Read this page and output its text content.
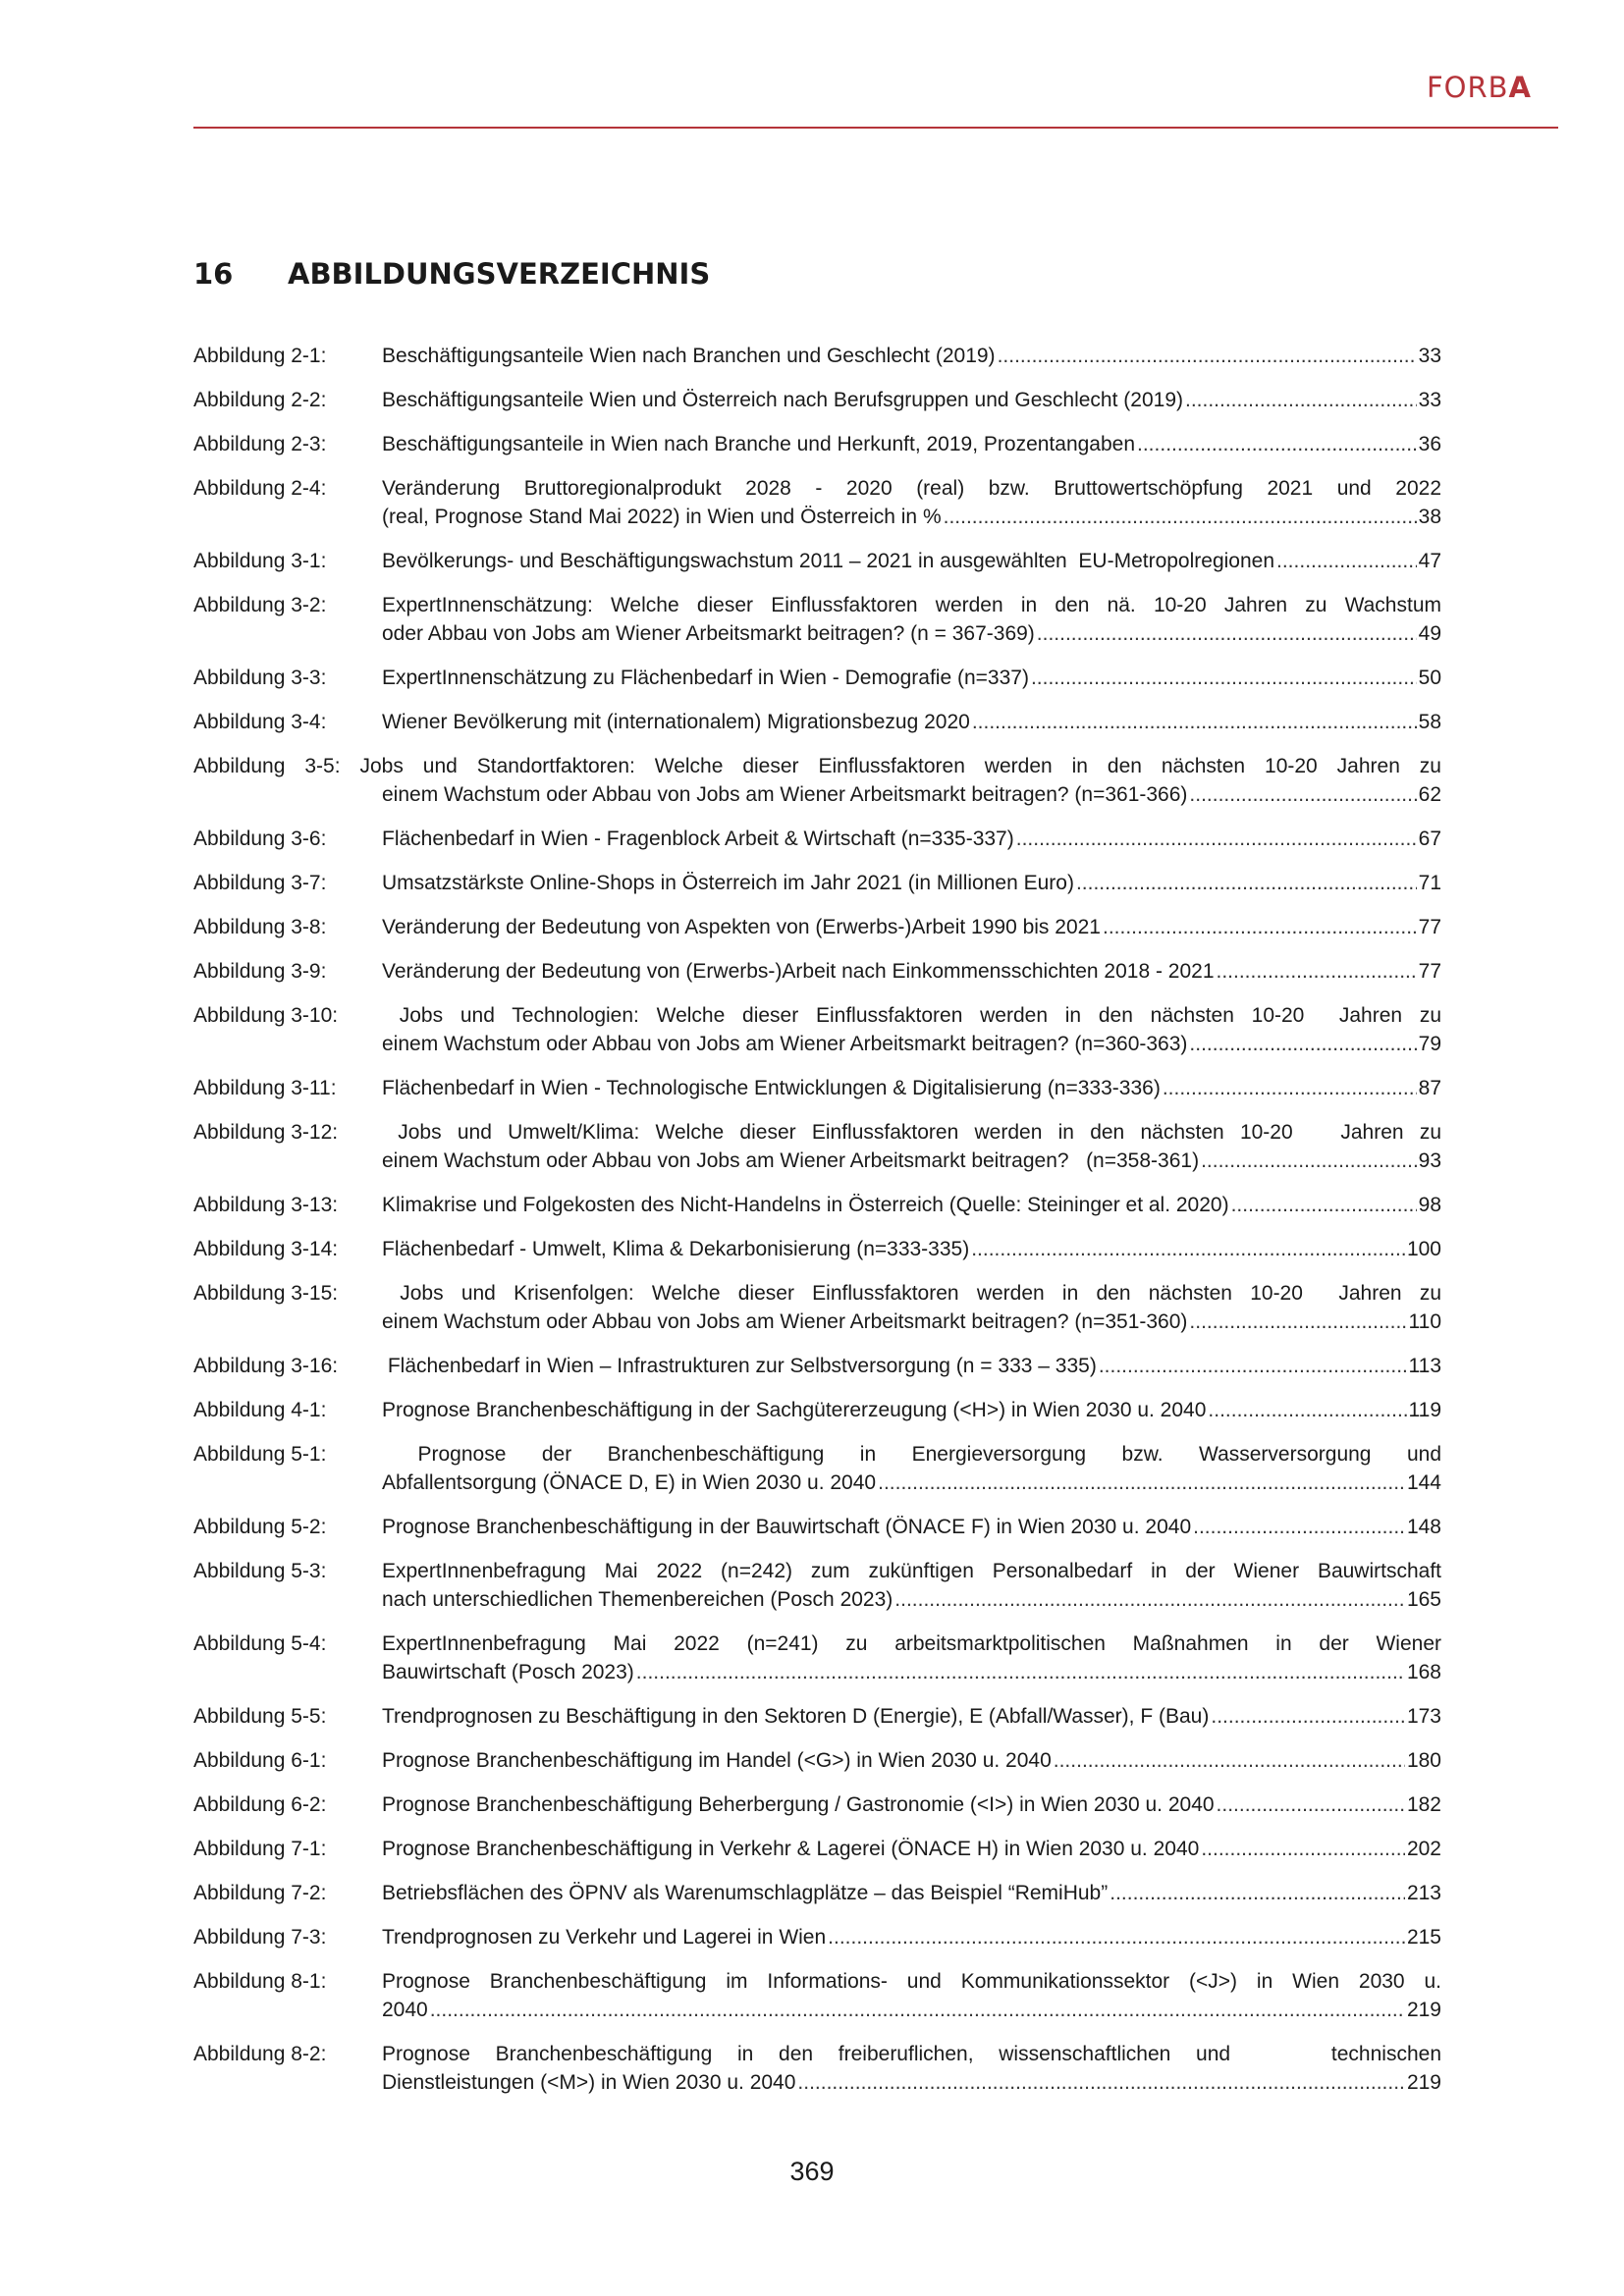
FORBA
16	ABBILDUNGSVERZEICHNIS
Abbildung 2-1:	Beschäftigungsanteile Wien nach Branchen und Geschlecht (2019) .....	33
Abbildung 2-2:	Beschäftigungsanteile Wien und Österreich nach Berufsgruppen und Geschlecht (2019) .....	33
Abbildung 2-3:	Beschäftigungsanteile in Wien nach Branche und Herkunft, 2019, Prozentangaben .....	36
Abbildung 2-4:	Veränderung Bruttoregionalprodukt 2028 - 2020 (real) bzw. Bruttowertschöpfung 2021 und 2022
(real, Prognose Stand Mai 2022) in Wien und Österreich in % .....	38
Abbildung 3-1:	Bevölkerungs- und Beschäftigungswachstum 2011 – 2021 in ausgewählten  EU-Metropolregionen .....	47
Abbildung 3-2:	ExpertInnenschätzung: Welche dieser Einflussfaktoren werden in den nä. 10-20 Jahren zu Wachstum
oder Abbau von Jobs am Wiener Arbeitsmarkt beitragen? (n = 367-369) .....	49
Abbildung 3-3:	ExpertInnenschätzung zu Flächenbedarf in Wien - Demografie (n=337) .....	50
Abbildung 3-4:	Wiener Bevölkerung mit (internationalem) Migrationsbezug 2020 .....	58
Abbildung 3-5: Jobs und Standortfaktoren: Welche dieser Einflussfaktoren werden in den nächsten 10-20 Jahren zu
einem Wachstum oder Abbau von Jobs am Wiener Arbeitsmarkt beitragen? (n=361-366) .....	62
Abbildung 3-6:	Flächenbedarf in Wien - Fragenblock Arbeit & Wirtschaft (n=335-337) .....	67
Abbildung 3-7:	Umsatzstärkste Online-Shops in Österreich im Jahr 2021 (in Millionen Euro) .....	71
Abbildung 3-8:	Veränderung der Bedeutung von Aspekten von (Erwerbs-)Arbeit 1990 bis 2021 .....	77
Abbildung 3-9:	Veränderung der Bedeutung von (Erwerbs-)Arbeit nach Einkommensschichten 2018 - 2021 .....	77
Abbildung 3-10: Jobs und Technologien: Welche dieser Einflussfaktoren werden in den nächsten 10-20  Jahren zu
einem Wachstum oder Abbau von Jobs am Wiener Arbeitsmarkt beitragen? (n=360-363) .....	79
Abbildung 3-11: Flächenbedarf in Wien - Technologische Entwicklungen & Digitalisierung (n=333-336) .....	87
Abbildung 3-12: Jobs und Umwelt/Klima: Welche dieser Einflussfaktoren werden in den nächsten 10-20   Jahren zu
einem Wachstum oder Abbau von Jobs am Wiener Arbeitsmarkt beitragen?   (n=358-361) .....	93
Abbildung 3-13: Klimakrise und Folgekosten des Nicht-Handelns in Österreich (Quelle: Steininger et al. 2020) .....	98
Abbildung 3-14: Flächenbedarf - Umwelt, Klima & Dekarbonisierung (n=333-335) .....	100
Abbildung 3-15: Jobs und Krisenfolgen: Welche dieser Einflussfaktoren werden in den nächsten 10-20  Jahren zu
einem Wachstum oder Abbau von Jobs am Wiener Arbeitsmarkt beitragen? (n=351-360) .....	110
Abbildung 3-16: Flächenbedarf in Wien – Infrastrukturen zur Selbstversorgung (n = 333 – 335) .....	113
Abbildung 4-1:	Prognose Branchenbeschäftigung in der Sachgütererzeugung (<H>) in Wien 2030 u. 2040 .....	119
Abbildung 5-1:	Prognose der Branchenbeschäftigung in Energieversorgung bzw. Wasserversorgung und
Abfallentsorgung (ÖNACE D, E) in Wien 2030 u. 2040 .....	144
Abbildung 5-2:	Prognose Branchenbeschäftigung in der Bauwirtschaft (ÖNACE F) in Wien 2030 u. 2040 .....	148
Abbildung 5-3:	ExpertInnenbefragung Mai 2022 (n=242) zum zukünftigen Personalbedarf in der Wiener Bauwirtschaft
nach unterschiedlichen Themenbereichen (Posch 2023) .....	165
Abbildung 5-4:	ExpertInnenbefragung Mai 2022 (n=241) zu arbeitsmarktpolitischen Maßnahmen in der Wiener
Bauwirtschaft (Posch 2023) .....	168
Abbildung 5-5:	Trendprognosen zu Beschäftigung in den Sektoren D (Energie), E (Abfall/Wasser), F (Bau) .....	173
Abbildung 6-1:	Prognose Branchenbeschäftigung im Handel (<G>) in Wien 2030 u. 2040 .....	180
Abbildung 6-2:	Prognose Branchenbeschäftigung Beherbergung / Gastronomie (<I>) in Wien 2030 u. 2040 .....	182
Abbildung 7-1:	Prognose Branchenbeschäftigung in Verkehr & Lagerei (ÖNACE H) in Wien 2030 u. 2040 .....	202
Abbildung 7-2:	Betriebsflächen des ÖPNV als Warenumschlagplätze – das Beispiel “RemiHub” .....	213
Abbildung 7-3:	Trendprognosen zu Verkehr und Lagerei in Wien .....	215
Abbildung 8-1:	Prognose Branchenbeschäftigung im Informations- und Kommunikationssektor (<J>) in Wien 2030 u.
2040 .....	219
Abbildung 8-2:	Prognose Branchenbeschäftigung in den freiberuflichen, wissenschaftlichen und    technischen
Dienstleistungen (<M>) in Wien 2030 u. 2040 .....	219
369
